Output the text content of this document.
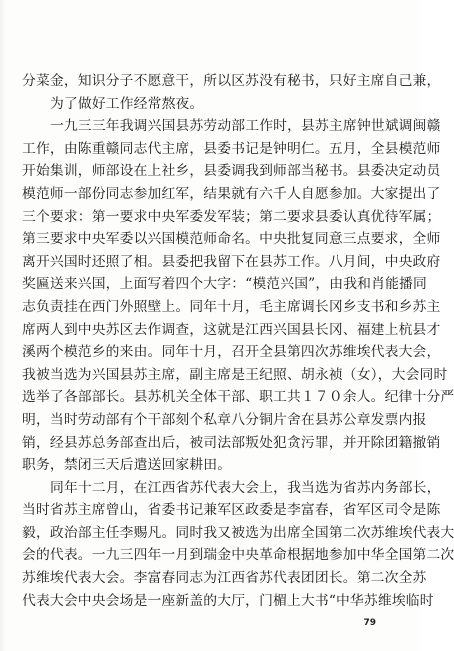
分菜金，知识分子不愿意干，所以区苏没有秘书，只好主席自己兼，
为了做好工作经常熬夜。
一九三三年我调兴国县苏劳动部工作时，县苏主席钟世斌调闽赣
工作，由陈重赣同志代主席，县委书记是钟明仁。五月，全县模范师
开始集训，师部设在上社乡，县委调我到师部当秘书。县委决定动员
模范师一部份同志参加红军，结果就有六千人自愿参加。大家提出了
三个要求：第一要求中央军委发军装；第二要求县委认真优待军属；
第三要求中央军委以兴国模范师命名。中央批复同意三点要求，全师
离开兴国时还照了相。县委把我留下在县苏工作。八月间，中央政府
奖匾送来兴国，上面写着四个大字：“模范兴国”，由我和肖能播同
志负责挂在西门外照壁上。同年十月，毛主席调长冈乡支书和乡苏主
席两人到中央苏区去作调查，这就是江西兴国县长冈、福建上杭县才
溪两个模范乡的来由。同年十月，召开全县第四次苏维埃代表大会，
我被当选为兴国县苏主席，副主席是王纪照、胡永祯（女），大会同时
选举了各部部长。县苏机关全体干部、职工共１７０余人。纪律十分严
明，当时劳动部有个干部刻个私章八分铜片舍在县苏公章发票内报
销，经县苏总务部查出后，被司法部叛处犯贪污罪，并开除团籍撤销
职务，禁闭三天后遣送回家耕田。
同年十二月，在江西省苏代表大会上，我当选为省苏内务部长，
当时省苏主席曾山，省委书记兼军区政委是李富春，省军区司令是陈
毅，政治部主任李赐凡。同时我又被选为出席全国第二次苏维埃代表大
会的代表。一九三四年一月到瑞金中央革命根据地参加中华全国第二次
苏维埃代表大会。李富春同志为江西省苏代表团团长。第二次全苏
代表大会中央会场是一座新盖的大厅，门楣上大书“中华苏维埃临时
79
